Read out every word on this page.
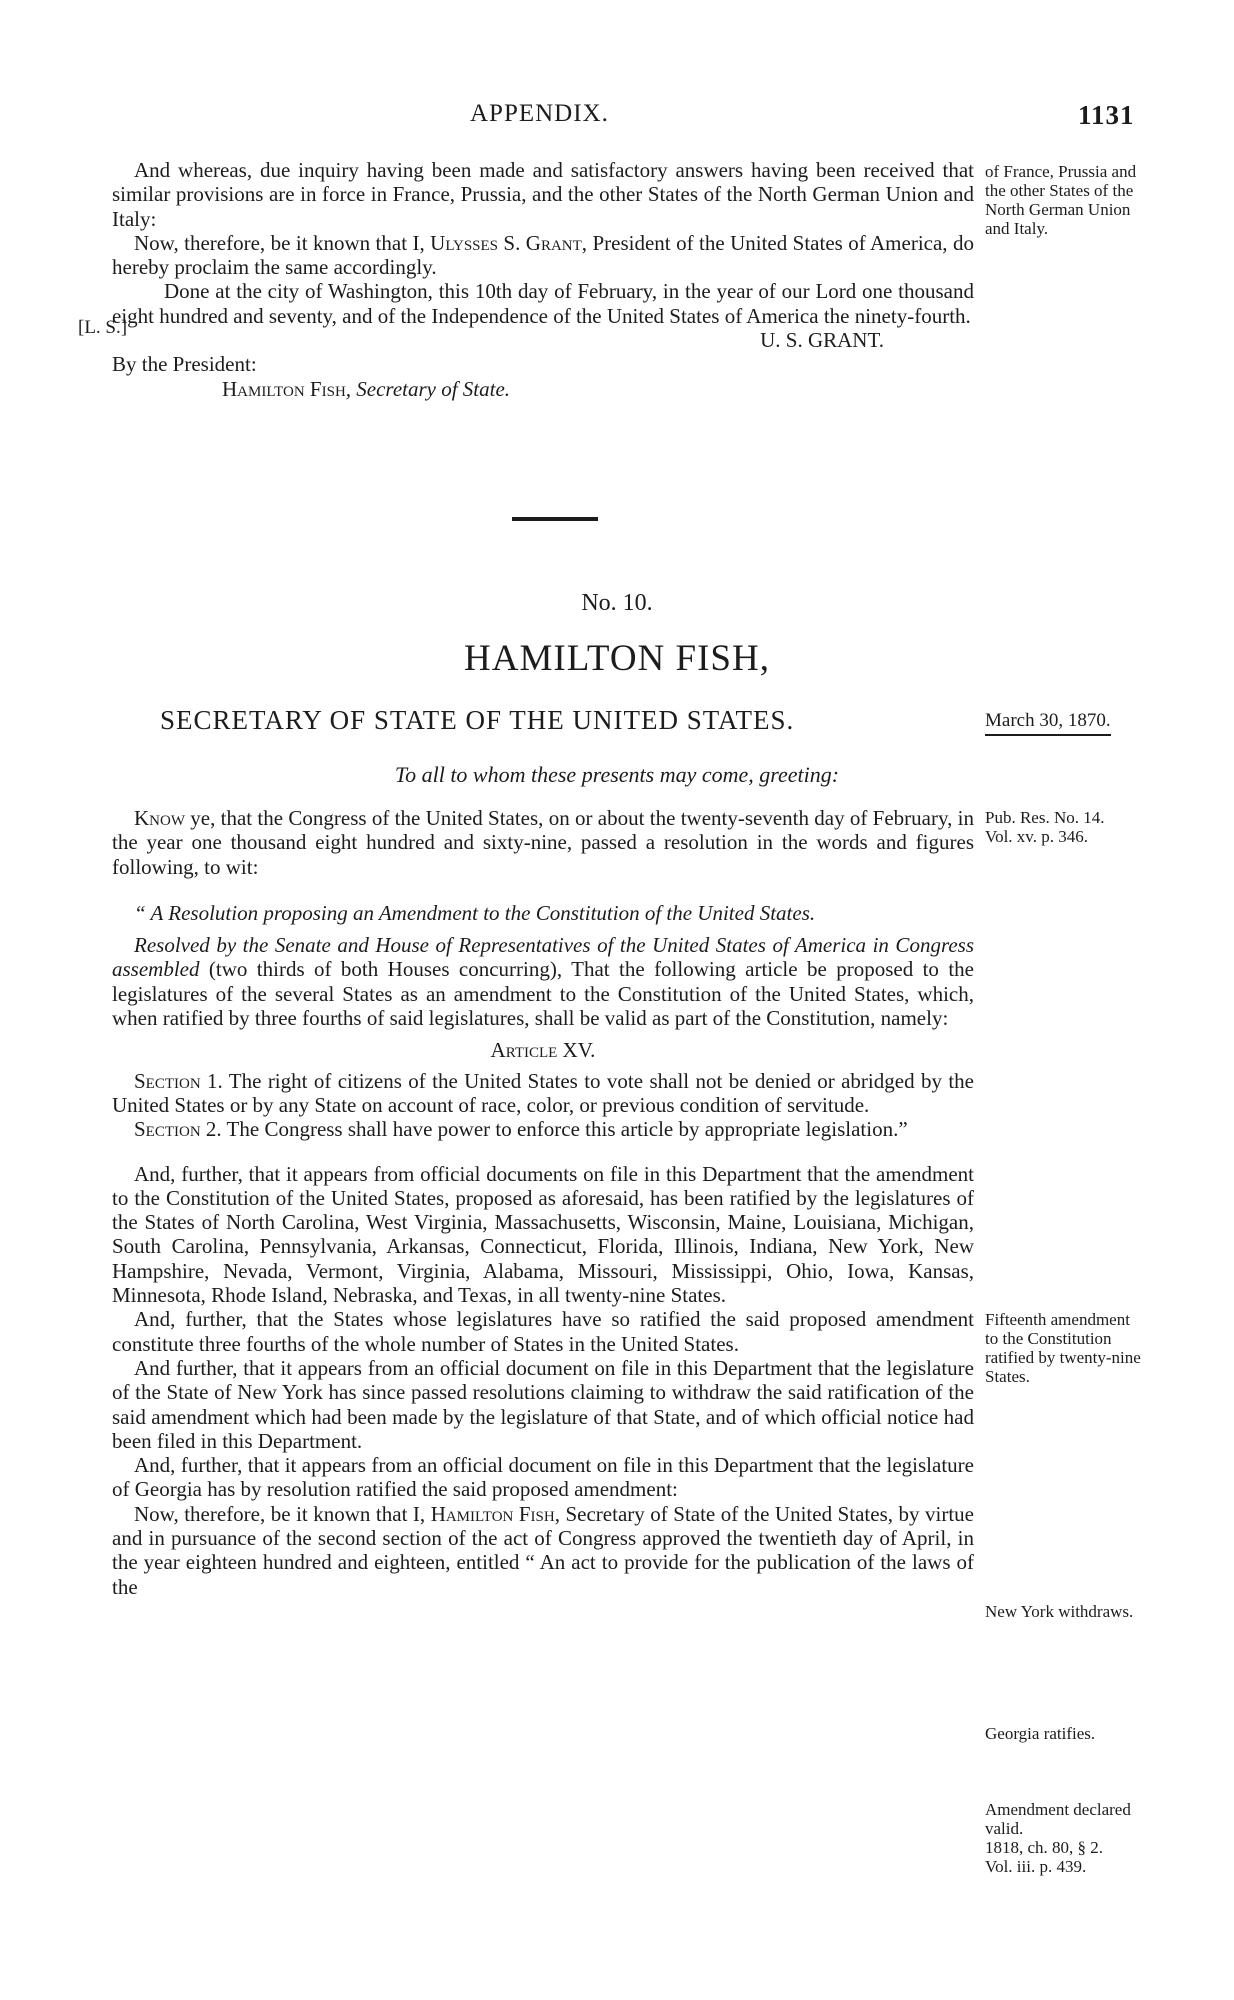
APPENDIX.	1131

And whereas, due inquiry having been made and satisfactory answers having been received that similar provisions are in force in France, Prussia, and the other States of the North German Union and Italy:

Now, therefore, be it known that I, Ulysses S. Grant, President of the United States of America, do hereby proclaim the same accordingly.

Done at the city of Washington, this 10th day of February, in the year of our Lord one thousand eight hundred and seventy, and of the Independence of the United States of America the ninety-fourth.

U. S. GRANT.

By the President:

Hamilton Fish, Secretary of State.

[L. S.]
of France, Prussia and the other States of the North German Union and Italy.
No. 10.
HAMILTON FISH,
SECRETARY OF STATE OF THE UNITED STATES.	March 30, 1870.
To all to whom these presents may come, greeting:

Know ye, that the Congress of the United States, on or about the twenty-seventh day of February, in the year one thousand eight hundred and sixty-nine, passed a resolution in the words and figures following, to wit:

“ A Resolution proposing an Amendment to the Constitution of the United States.

Resolved by the Senate and House of Representatives of the United States of America in Congress assembled (two thirds of both Houses concurring), That the following article be proposed to the legislatures of the several States as an amendment to the Constitution of the United States, which, when ratified by three fourths of said legislatures, shall be valid as part of the Constitution, namely:

Article XV.

Section 1. The right of citizens of the United States to vote shall not be denied or abridged by the United States or by any State on account of race, color, or previous condition of servitude.

Section 2. The Congress shall have power to enforce this article by appropriate legislation.”

And, further, that it appears from official documents on file in this Department that the amendment to the Constitution of the United States, proposed as aforesaid, has been ratified by the legislatures of the States of North Carolina, West Virginia, Massachusetts, Wisconsin, Maine, Louisiana, Michigan, South Carolina, Pennsylvania, Arkansas, Connecticut, Florida, Illinois, Indiana, New York, New Hampshire, Nevada, Vermont, Virginia, Alabama, Missouri, Mississippi, Ohio, Iowa, Kansas, Minnesota, Rhode Island, Nebraska, and Texas, in all twenty-nine States.

And, further, that the States whose legislatures have so ratified the said proposed amendment constitute three fourths of the whole number of States in the United States.

And further, that it appears from an official document on file in this Department that the legislature of the State of New York has since passed resolutions claiming to withdraw the said ratification of the said amendment which had been made by the legislature of that State, and of which official notice had been filed in this Department.

And, further, that it appears from an official document on file in this Department that the legislature of Georgia has by resolution ratified the said proposed amendment:

Now, therefore, be it known that I, Hamilton Fish, Secretary of State of the United States, by virtue and in pursuance of the second section of the act of Congress approved the twentieth day of April, in the year eighteen hundred and eighteen, entitled “ An act to provide for the publication of the laws of the

Pub. Res. No. 14.

Vol. xv. p. 346.

Fifteenth amendment to the Constitution ratified by twenty-nine States.
New York withdraws.
Georgia ratifies.

Amendment declared valid.

1818, ch. 80, § 2.

Vol. iii. p. 439.
